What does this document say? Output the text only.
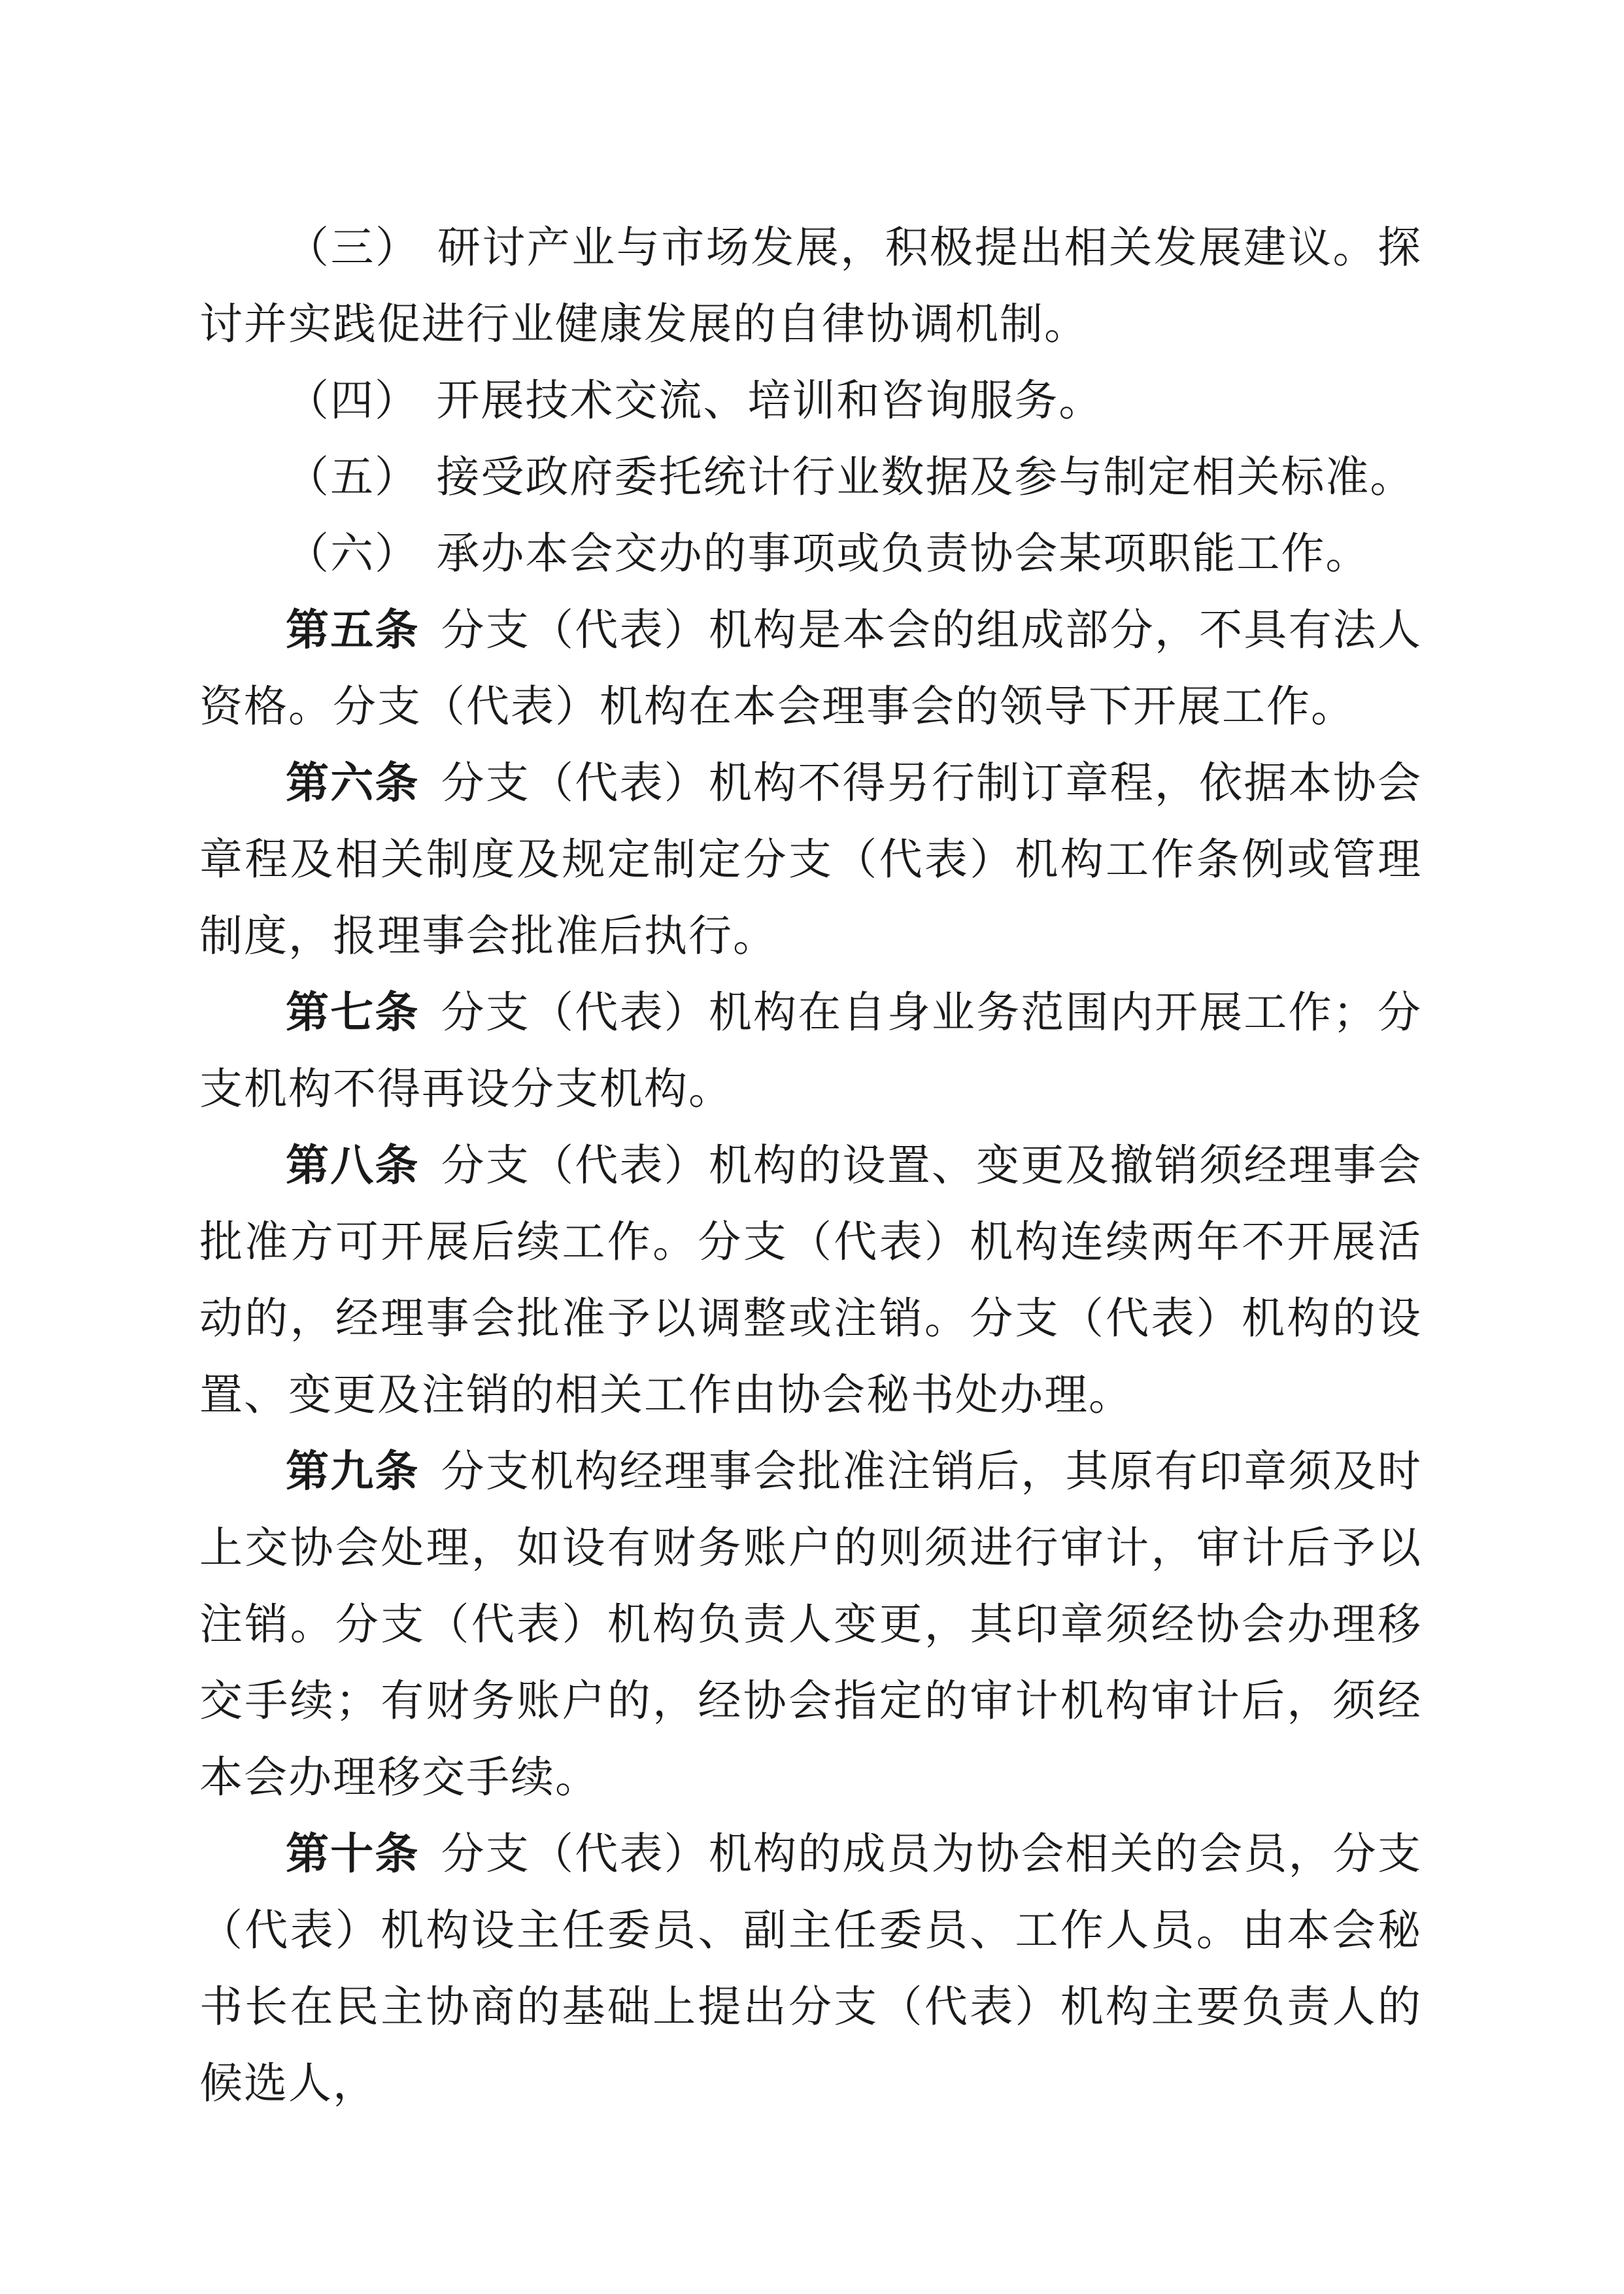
（三） 研讨产业与市场发展，积极提出相关发展建议。探讨并实践促进行业健康发展的自律协调机制。

（四） 开展技术交流、培训和咨询服务。

（五） 接受政府委托统计行业数据及参与制定相关标准。

（六） 承办本会交办的事项或负责协会某项职能工作。

第五条 分支（代表）机构是本会的组成部分，不具有法人资格。分支（代表）机构在本会理事会的领导下开展工作。

第六条 分支（代表）机构不得另行制订章程，依据本协会章程及相关制度及规定制定分支（代表）机构工作条例或管理制度，报理事会批准后执行。

第七条 分支（代表）机构在自身业务范围内开展工作；分支机构不得再设分支机构。

第八条 分支（代表）机构的设置、变更及撤销须经理事会批准方可开展后续工作。分支（代表）机构连续两年不开展活动的，经理事会批准予以调整或注销。分支（代表）机构的设置、变更及注销的相关工作由协会秘书处办理。

第九条 分支机构经理事会批准注销后，其原有印章须及时上交协会处理，如设有财务账户的则须进行审计，审计后予以注销。分支（代表）机构负责人变更，其印章须经协会办理移交手续；有财务账户的，经协会指定的审计机构审计后，须经本会办理移交手续。

第十条 分支（代表）机构的成员为协会相关的会员，分支（代表）机构设主任委员、副主任委员、工作人员。由本会秘书长在民主协商的基础上提出分支（代表）机构主要负责人的候选人，
